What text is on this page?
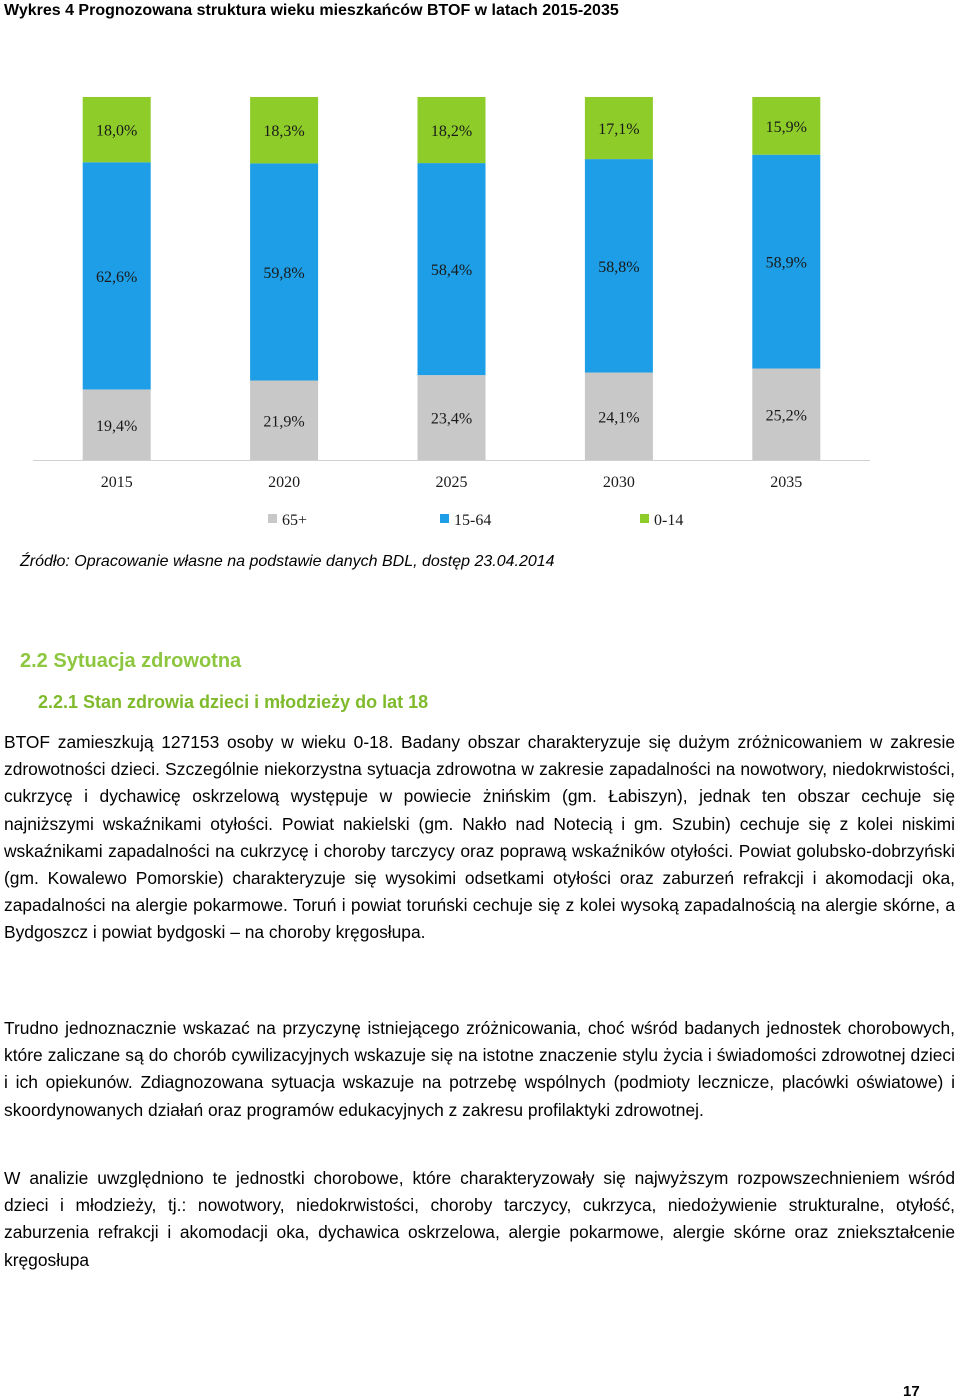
Wykres 4 Prognozowana struktura wieku mieszkańców BTOF w latach 2015-2035
19,4%
62,6%
18,0%
2015
21,9%
59,8%
18,3%
2020
23,4%
58,4%
18,2%
2025
24,1%
58,8%
17,1%
2030
25,2%
58,9%
15,9%
2035
65+	15-64	0-14
Źródło: Opracowanie własne na podstawie danych BDL, dostęp 23.04.2014
2.2 Sytuacja zdrowotna
2.2.1 Stan zdrowia dzieci i młodzieży do lat 18

BTOF zamieszkują 127153 osoby w wieku 0-18. Badany obszar charakteryzuje się dużym zróżnicowaniem w zakresie zdrowotności dzieci. Szczególnie niekorzystna sytuacja zdrowotna w zakresie zapadalności na nowotwory, niedokrwistości, cukrzycę i dychawicę oskrzelową występuje w powiecie żnińskim (gm. Łabiszyn), jednak ten obszar cechuje się najniższymi wskaźnikami otyłości. Powiat nakielski (gm. Nakło nad Notecią i gm. Szubin) cechuje się z kolei niskimi wskaźnikami zapadalności na cukrzycę i choroby tarczycy oraz poprawą wskaźników otyłości. Powiat golubsko-dobrzyński (gm. Kowalewo Pomorskie) charakteryzuje się wysokimi odsetkami otyłości oraz zaburzeń refrakcji i akomodacji oka, zapadalności na alergie pokarmowe. Toruń i powiat toruński cechuje się z kolei wysoką zapadalnością na alergie skórne, a Bydgoszcz i powiat bydgoski – na choroby kręgosłupa.

Trudno jednoznacznie wskazać na przyczynę istniejącego zróżnicowania, choć wśród badanych jednostek chorobowych, które zaliczane są do chorób cywilizacyjnych wskazuje się na istotne znaczenie stylu życia i świadomości zdrowotnej dzieci i ich opiekunów. Zdiagnozowana sytuacja wskazuje na potrzebę wspólnych (podmioty lecznicze, placówki oświatowe) i skoordynowanych działań oraz programów edukacyjnych z zakresu profilaktyki zdrowotnej.

W analizie uwzględniono te jednostki chorobowe, które charakteryzowały się najwyższym rozpowszechnieniem wśród dzieci i młodzieży, tj.: nowotwory, niedokrwistości, choroby tarczycy, cukrzyca, niedożywienie strukturalne, otyłość, zaburzenia refrakcji i akomodacji oka, dychawica oskrzelowa, alergie pokarmowe, alergie skórne oraz zniekształcenie kręgosłupa

17
